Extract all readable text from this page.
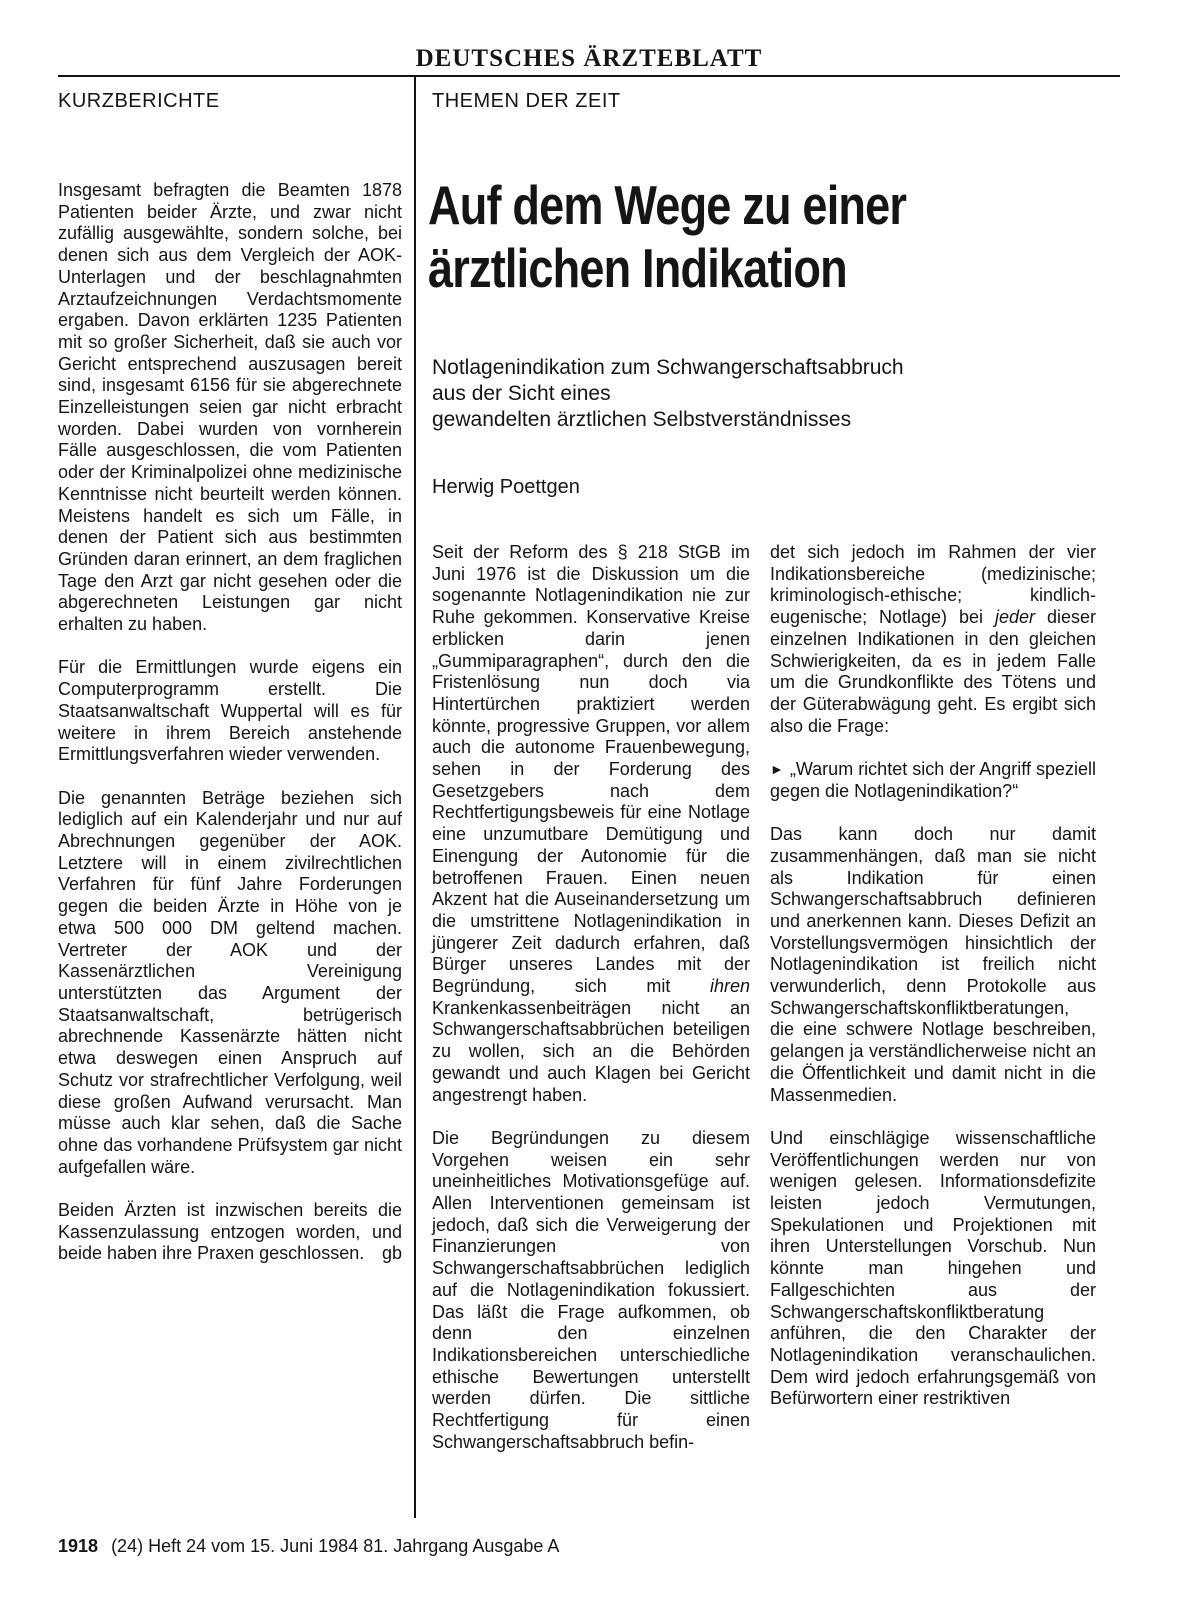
DEUTSCHES ÄRZTEBLATT
KURZBERICHTE	THEMEN DER ZEIT

Insgesamt befragten die Beamten 1878 Patienten beider Ärzte, und zwar nicht zufällig ausgewählte, sondern solche, bei denen sich aus dem Vergleich der AOK-Unterlagen und der beschlagnahmten Arztaufzeichnungen Verdachtsmomente ergaben. Davon erklärten 1235 Patienten mit so großer Sicherheit, daß sie auch vor Gericht entsprechend auszusagen bereit sind, insgesamt 6156 für sie abgerechnete Einzelleistungen seien gar nicht erbracht worden. Dabei wurden von vornherein Fälle ausgeschlossen, die vom Patienten oder der Kriminalpolizei ohne medizinische Kenntnisse nicht beurteilt werden können. Meistens handelt es sich um Fälle, in denen der Patient sich aus bestimmten Gründen daran erinnert, an dem fraglichen Tage den Arzt gar nicht gesehen oder die abgerechneten Leistungen gar nicht erhalten zu haben.

Für die Ermittlungen wurde eigens ein Computerprogramm erstellt. Die Staatsanwaltschaft Wuppertal will es für weitere in ihrem Bereich anstehende Ermittlungsverfahren wieder verwenden.

Die genannten Beträge beziehen sich lediglich auf ein Kalenderjahr und nur auf Abrechnungen gegenüber der AOK. Letztere will in einem zivilrechtlichen Verfahren für fünf Jahre Forderungen gegen die beiden Ärzte in Höhe von je etwa 500 000 DM geltend machen. Vertreter der AOK und der Kassenärztlichen Vereinigung unterstützten das Argument der Staatsanwaltschaft, betrügerisch abrechnende Kassenärzte hätten nicht etwa deswegen einen Anspruch auf Schutz vor strafrechtlicher Verfolgung, weil diese großen Aufwand verursacht. Man müsse auch klar sehen, daß die Sache ohne das vorhandene Prüfsystem gar nicht aufgefallen wäre.

Beiden Ärzten ist inzwischen bereits die Kassenzulassung entzogen worden, und beide haben ihre Praxen geschlossen. gb

Auf dem Wege zu einer
ärztlichen Indikation
Notlagenindikation zum Schwangerschaftsabbruch
aus der Sicht eines
gewandelten ärztlichen Selbstverständnisses
Herwig Poettgen

Seit der Reform des § 218 StGB im Juni 1976 ist die Diskussion um die sogenannte Notlagenindikation nie zur Ruhe gekommen. Konservative Kreise erblicken darin jenen „Gummiparagraphen“, durch den die Fristenlösung nun doch via Hintertürchen praktiziert werden könnte, progressive Gruppen, vor allem auch die autonome Frauenbewegung, sehen in der Forderung des Gesetzgebers nach dem Rechtfertigungsbeweis für eine Notlage eine unzumutbare Demütigung und Einengung der Autonomie für die betroffenen Frauen. Einen neuen Akzent hat die Auseinandersetzung um die umstrittene Notlagenindikation in jüngerer Zeit dadurch erfahren, daß Bürger unseres Landes mit der Begründung, sich mit ihren Krankenkassenbeiträgen nicht an Schwangerschaftsabbrüchen beteiligen zu wollen, sich an die Behörden gewandt und auch Klagen bei Gericht angestrengt haben.

Die Begründungen zu diesem Vorgehen weisen ein sehr uneinheitliches Motivationsgefüge auf. Allen Interventionen gemeinsam ist jedoch, daß sich die Verweigerung der Finanzierungen von Schwangerschaftsabbrüchen lediglich auf die Notlagenindikation fokussiert. Das läßt die Frage aufkommen, ob denn den einzelnen Indikationsbereichen unterschiedliche ethische Bewertungen unterstellt werden dürfen. Die sittliche Rechtfertigung für einen Schwangerschaftsabbruch befin-

det sich jedoch im Rahmen der vier Indikationsbereiche (medizinische; kriminologisch-ethische; kindlich-eugenische; Notlage) bei jeder dieser einzelnen Indikationen in den gleichen Schwierigkeiten, da es in jedem Falle um die Grundkonflikte des Tötens und der Güterabwägung geht. Es ergibt sich also die Frage:

► „Warum richtet sich der Angriff speziell gegen die Notlagenindikation?“

Das kann doch nur damit zusammenhängen, daß man sie nicht als Indikation für einen Schwangerschaftsabbruch definieren und anerkennen kann. Dieses Defizit an Vorstellungsvermögen hinsichtlich der Notlagenindikation ist freilich nicht verwunderlich, denn Protokolle aus Schwangerschaftskonfliktberatungen, die eine schwere Notlage beschreiben, gelangen ja verständlicherweise nicht an die Öffentlichkeit und damit nicht in die Massenmedien.

Und einschlägige wissenschaftliche Veröffentlichungen werden nur von wenigen gelesen. Informationsdefizite leisten jedoch Vermutungen, Spekulationen und Projektionen mit ihren Unterstellungen Vorschub. Nun könnte man hingehen und Fallgeschichten aus der Schwangerschaftskonfliktberatung anführen, die den Charakter der Notlagenindikation veranschaulichen. Dem wird jedoch erfahrungsgemäß von Befürwortern einer restriktiven

1918 (24) Heft 24 vom 15. Juni 1984 81. Jahrgang Ausgabe A
